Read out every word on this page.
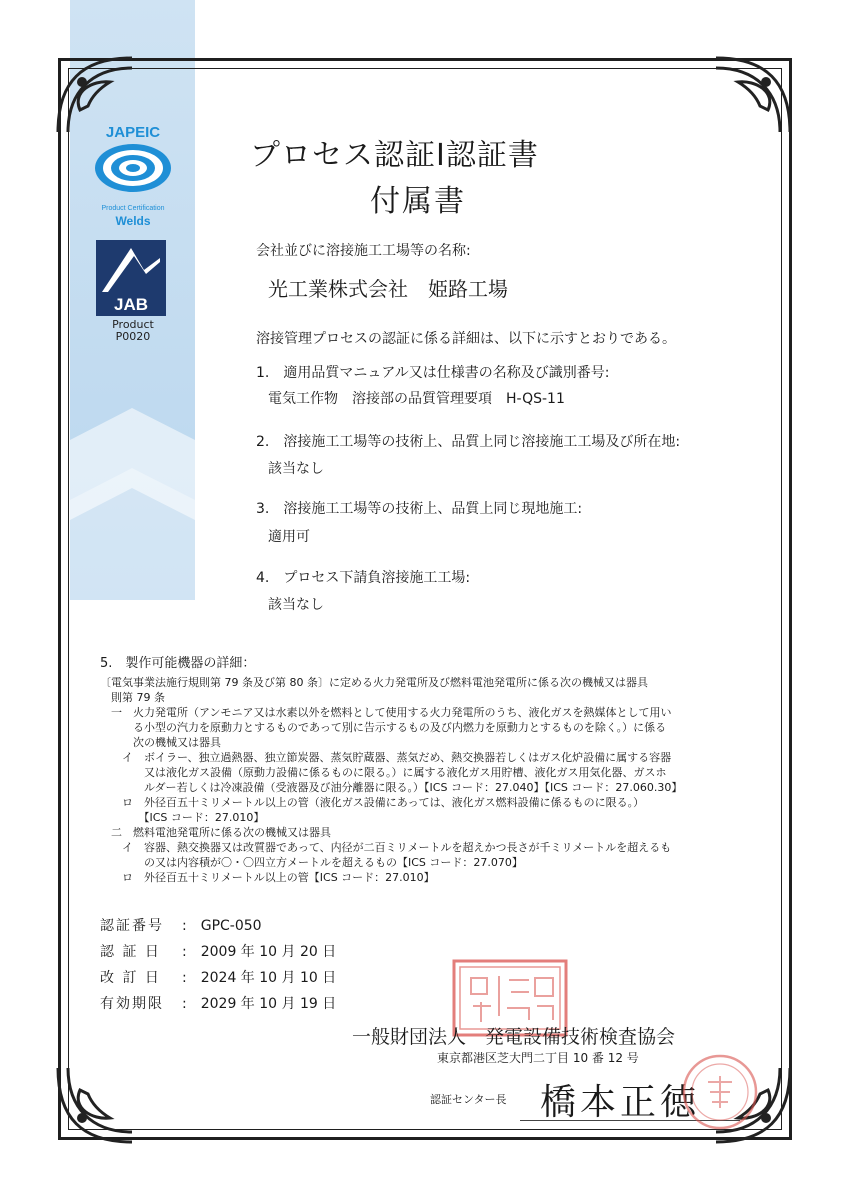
JAPEIC
Product Certification
Welds
JAB
Product
P0020
プロセス認証Ⅰ認証書
付属書
会社並びに溶接施工工場等の名称:
光工業株式会社　姫路工場
溶接管理プロセスの認証に係る詳細は、以下に示すとおりである。
1.　適用品質マニュアル又は仕様書の名称及び識別番号:
電気工作物　溶接部の品質管理要項　H-QS-11
2.　溶接施工工場等の技術上、品質上同じ溶接施工工場及び所在地:
該当なし
3.　溶接施工工場等の技術上、品質上同じ現地施工:
適用可
4.　プロセス下請負溶接施工工場:
該当なし
5.　製作可能機器の詳細：
〔電気事業法施行規則第 79 条及び第 80 条〕に定める火力発電所及び燃料電池発電所に係る次の機械又は器具
　則第 79 条
　一　火力発電所（アンモニア又は水素以外を燃料として使用する火力発電所のうち、液化ガスを熱媒体として用い
　　　る小型の汽力を原動力とするものであって別に告示するもの及び内燃力を原動力とするものを除く。）に係る
　　　次の機械又は器具
　　イ　ボイラー、独立過熱器、独立節炭器、蒸気貯蔵器、蒸気だめ、熱交換器若しくはガス化炉設備に属する容器
　　　　又は液化ガス設備（原動力設備に係るものに限る。）に属する液化ガス用貯槽、液化ガス用気化器、ガスホ
　　　　ルダー若しくは冷凍設備（受液器及び油分離器に限る。）【ICS コード：27.040】【ICS コード：27.060.30】
　　ロ　外径百五十ミリメートル以上の管（液化ガス設備にあっては、液化ガス燃料設備に係るものに限る。）
　　　　【ICS コード：27.010】
　二　燃料電池発電所に係る次の機械又は器具
　　イ　容器、熱交換器又は改質器であって、内径が二百ミリメートルを超えかつ長さが千ミリメートルを超えるも
　　　　の又は内容積が〇・〇四立方メートルを超えるもの【ICS コード：27.070】
　　ロ　外径百五十ミリメートル以上の管【ICS コード：27.010】
認証番号 :　GPC-050
認 証 日 :　2009 年 10 月 20 日
改 訂 日 :　2024 年 10 月 10 日
有効期限 :　2029 年 10 月 19 日
一般財団法人　発電設備技術検査協会
東京都港区芝大門二丁目 10 番 12 号
認証センター長 橋本正徳
